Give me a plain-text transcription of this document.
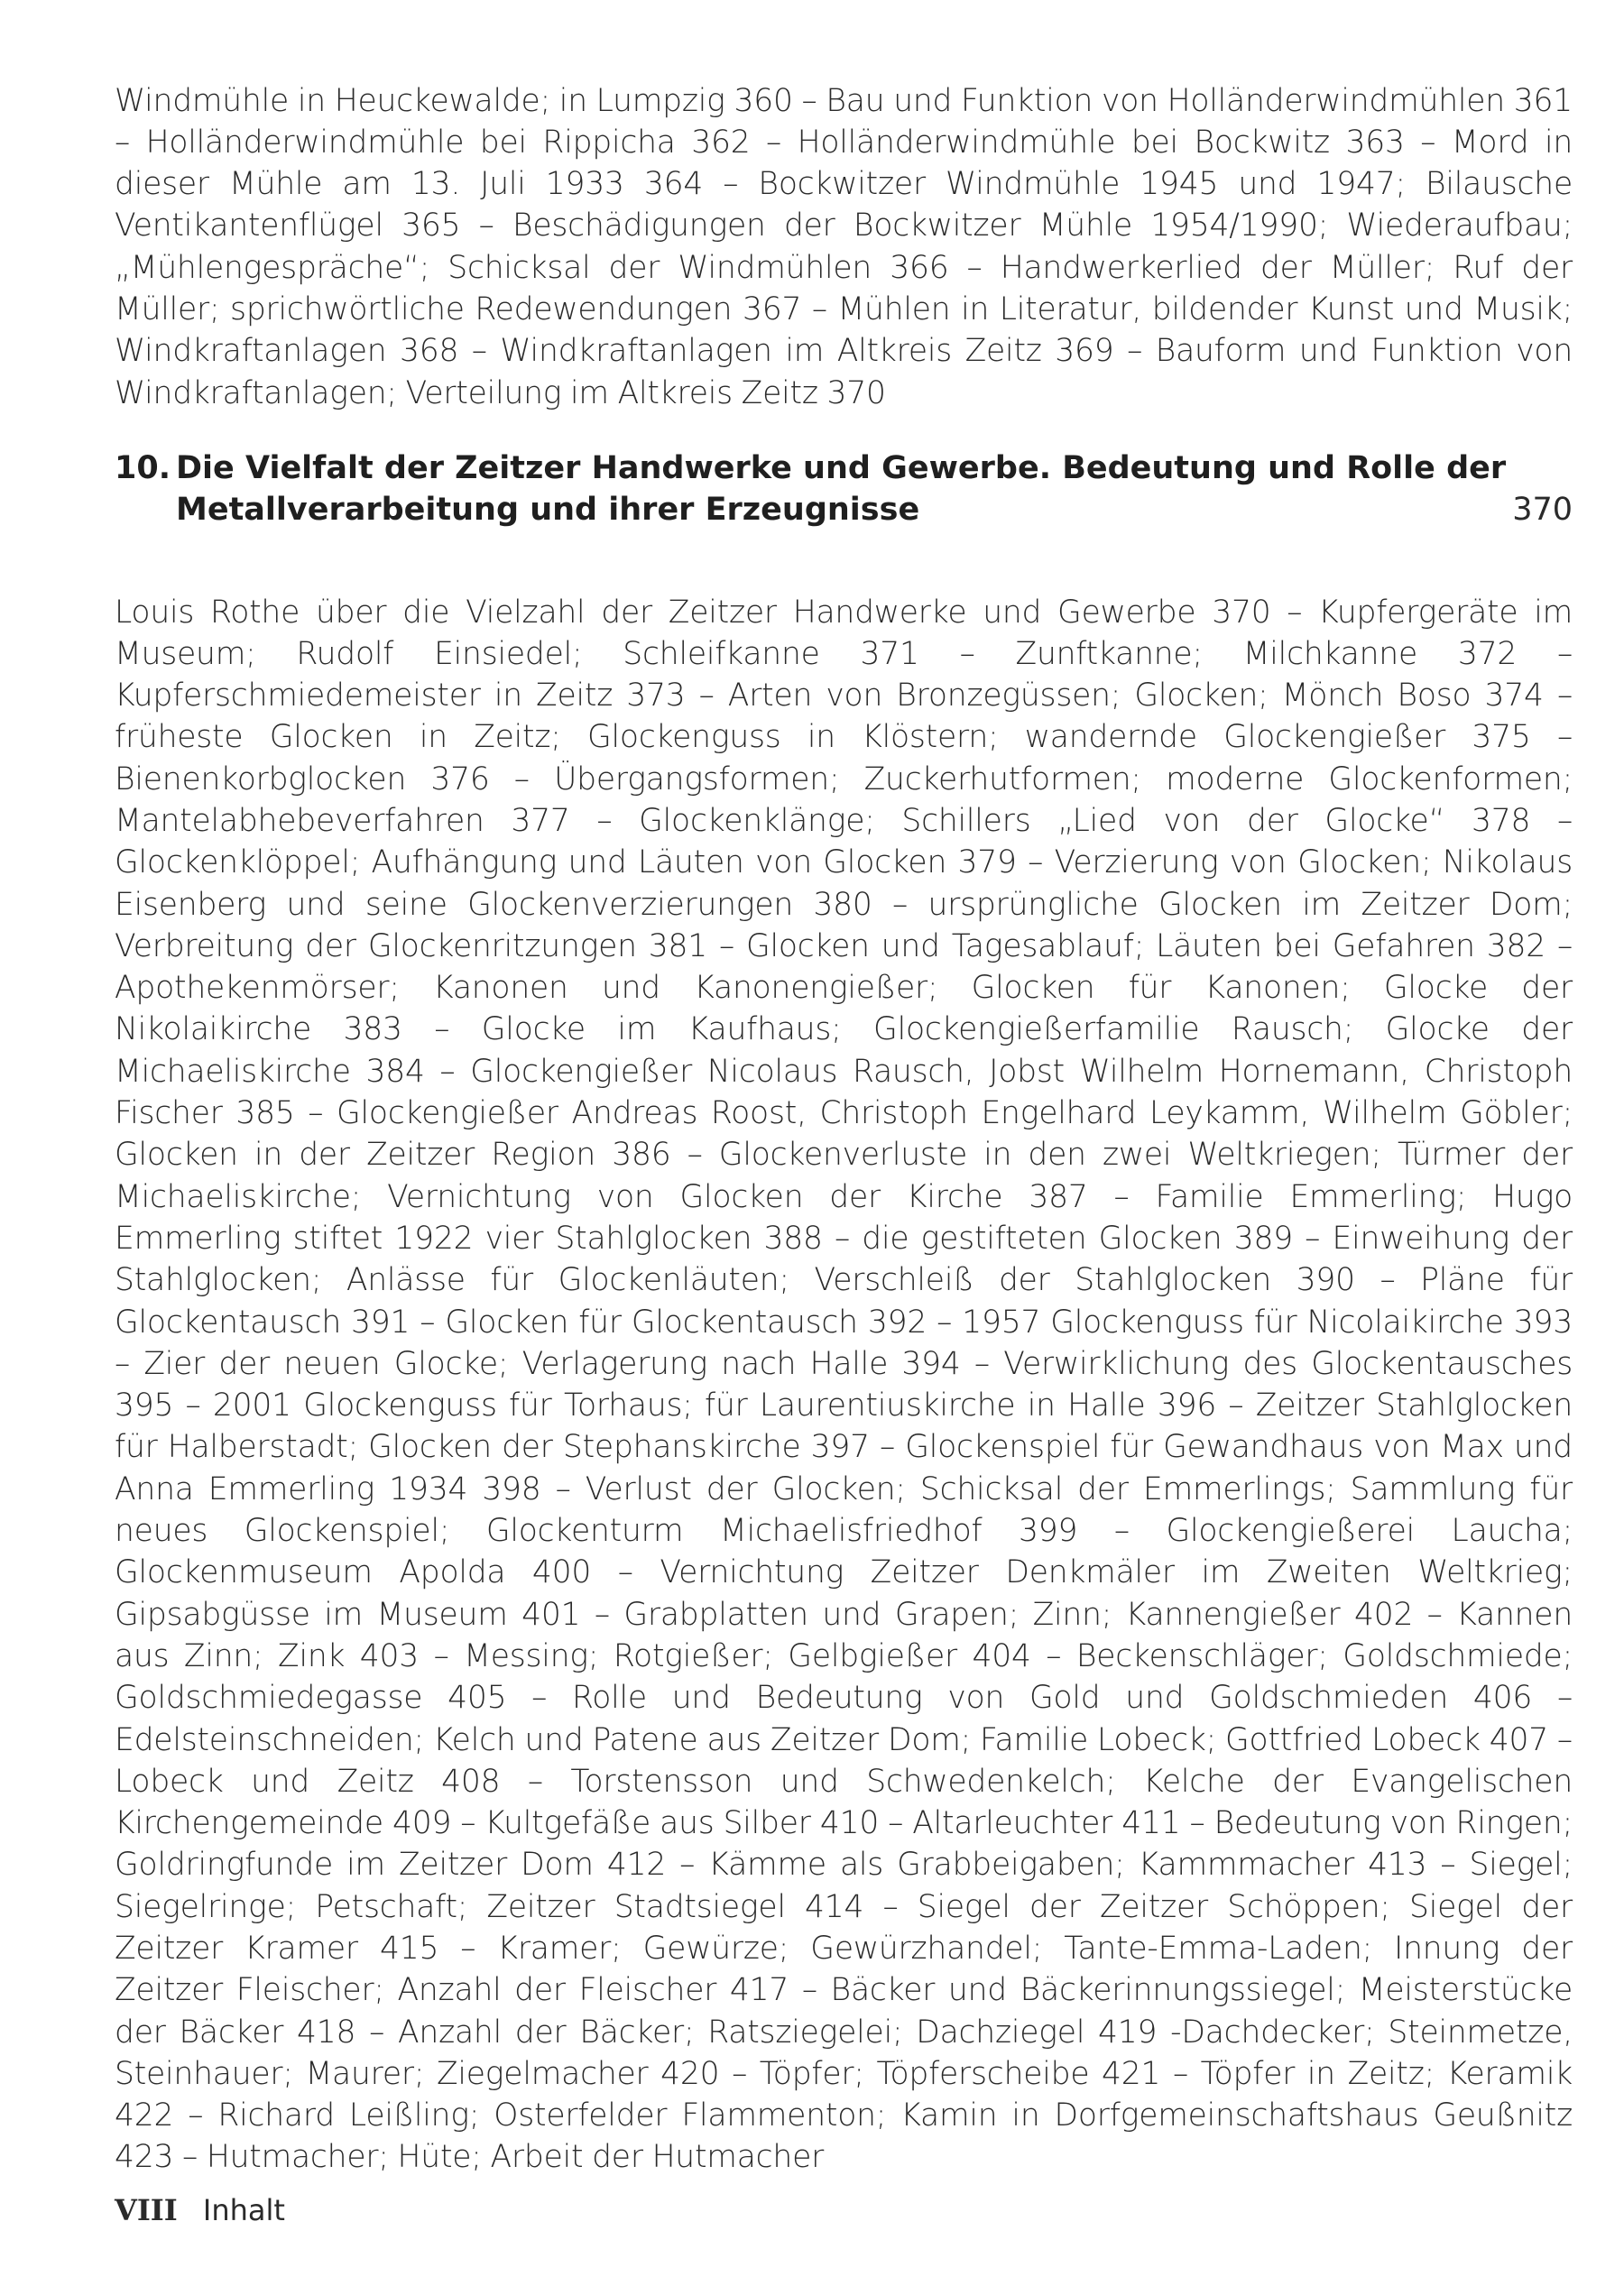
Windmühle in Heuckewalde; in Lumpzig 360 – Bau und Funktion von Holländerwindmühlen 361 – Holländerwindmühle bei Rippicha 362 – Holländerwindmühle bei Bockwitz 363 – Mord in dieser Mühle am 13. Juli 1933 364 – Bockwitzer Windmühle 1945 und 1947; Bilausche Ventikantenflügel 365 – Beschädigungen der Bockwitzer Mühle 1954/1990; Wiederaufbau; „Mühlengespräche“; Schicksal der Windmühlen 366 – Handwerkerlied der Müller; Ruf der Müller; sprichwörtliche Redewendungen 367 – Mühlen in Literatur, bildender Kunst und Musik; Windkraftanlagen 368 – Windkraftanlagen im Altkreis Zeitz 369 – Bauform und Funktion von Windkraftanlagen; Verteilung im Altkreis Zeitz 370

10. Die Vielfalt der Zeitzer Handwerke und Gewerbe. Bedeutung und Rolle der
Metallverarbeitung und ihrer Erzeugnisse	370

Louis Rothe über die Vielzahl der Zeitzer Handwerke und Gewerbe 370 – Kupfergeräte im Museum; Rudolf Einsiedel; Schleifkanne 371 – Zunftkanne; Milchkanne 372 – Kupferschmiedemeister in Zeitz 373 – Arten von Bronzegüssen; Glocken; Mönch Boso 374 – früheste Glocken in Zeitz; Glockenguss in Klöstern; wandernde Glockengießer 375 – Bienenkorbglocken 376 – Übergangsformen; Zuckerhutformen; moderne Glockenformen; Mantelabhebeverfahren 377 – Glockenklänge; Schillers „Lied von der Glocke“ 378 – Glockenklöppel; Aufhängung und Läuten von Glocken 379 – Verzierung von Glocken; Nikolaus Eisenberg und seine Glockenverzierungen 380 – ursprüngliche Glocken im Zeitzer Dom; Verbreitung der Glockenritzungen 381 – Glocken und Tagesablauf; Läuten bei Gefahren 382 – Apothekenmörser; Kanonen und Kanonengießer; Glocken für Kanonen; Glocke der Nikolaikirche 383 – Glocke im Kaufhaus; Glockengießerfamilie Rausch; Glocke der Michaeliskirche 384 – Glockengießer Nicolaus Rausch, Jobst Wilhelm Hornemann, Christoph Fischer 385 – Glockengießer Andreas Roost, Christoph Engelhard Leykamm, Wilhelm Göbler; Glocken in der Zeitzer Region 386 – Glockenverluste in den zwei Weltkriegen; Türmer der Michaeliskirche; Vernichtung von Glocken der Kirche 387 – Familie Emmerling; Hugo Emmerling stiftet 1922 vier Stahlglocken 388 – die gestifteten Glocken 389 – Einweihung der Stahlglocken; Anlässe für Glockenläuten; Verschleiß der Stahlglocken 390 – Pläne für Glockentausch 391 – Glocken für Glockentausch 392 – 1957 Glockenguss für Nicolaikirche 393 – Zier der neuen Glocke; Verlagerung nach Halle 394 – Verwirklichung des Glockentausches 395 – 2001 Glockenguss für Torhaus; für Laurentiuskirche in Halle 396 – Zeitzer Stahlglocken für Halberstadt; Glocken der Stephanskirche 397 – Glockenspiel für Gewandhaus von Max und Anna Emmerling 1934 398 – Verlust der Glocken; Schicksal der Emmerlings; Sammlung für neues Glockenspiel; Glockenturm Michaelisfriedhof 399 – Glockengießerei Laucha; Glockenmuseum Apolda 400 – Vernichtung Zeitzer Denkmäler im Zweiten Weltkrieg; Gipsabgüsse im Museum 401 – Grabplatten und Grapen; Zinn; Kannengießer 402 – Kannen aus Zinn; Zink 403 – Messing; Rotgießer; Gelbgießer 404 – Beckenschläger; Goldschmiede; Goldschmiedegasse 405 – Rolle und Bedeutung von Gold und Goldschmieden 406 – Edelsteinschneiden; Kelch und Patene aus Zeitzer Dom; Familie Lobeck; Gottfried Lobeck 407 – Lobeck und Zeitz 408 – Torstensson und Schwedenkelch; Kelche der Evangelischen Kirchengemeinde 409 – Kultgefäße aus Silber 410 – Altarleuchter 411 – Bedeutung von Ringen; Goldringfunde im Zeitzer Dom 412 – Kämme als Grabbeigaben; Kammmacher 413 – Siegel; Siegelringe; Petschaft; Zeitzer Stadtsiegel 414 – Siegel der Zeitzer Schöppen; Siegel der Zeitzer Kramer 415 – Kramer; Gewürze; Gewürzhandel; Tante-Emma-Laden; Innung der Zeitzer Fleischer; Anzahl der Fleischer 417 – Bäcker und Bäckerinnungssiegel; Meisterstücke der Bäcker 418 – Anzahl der Bäcker; Ratsziegelei; Dachziegel 419 -Dachdecker; Steinmetze, Steinhauer; Maurer; Ziegelmacher 420 – Töpfer; Töpferscheibe 421 – Töpfer in Zeitz; Keramik 422 – Richard Leißling; Osterfelder Flammenton; Kamin in Dorfgemeinschaftshaus Geußnitz 423 – Hutmacher; Hüte; Arbeit der Hutmacher

VIII Inhalt
